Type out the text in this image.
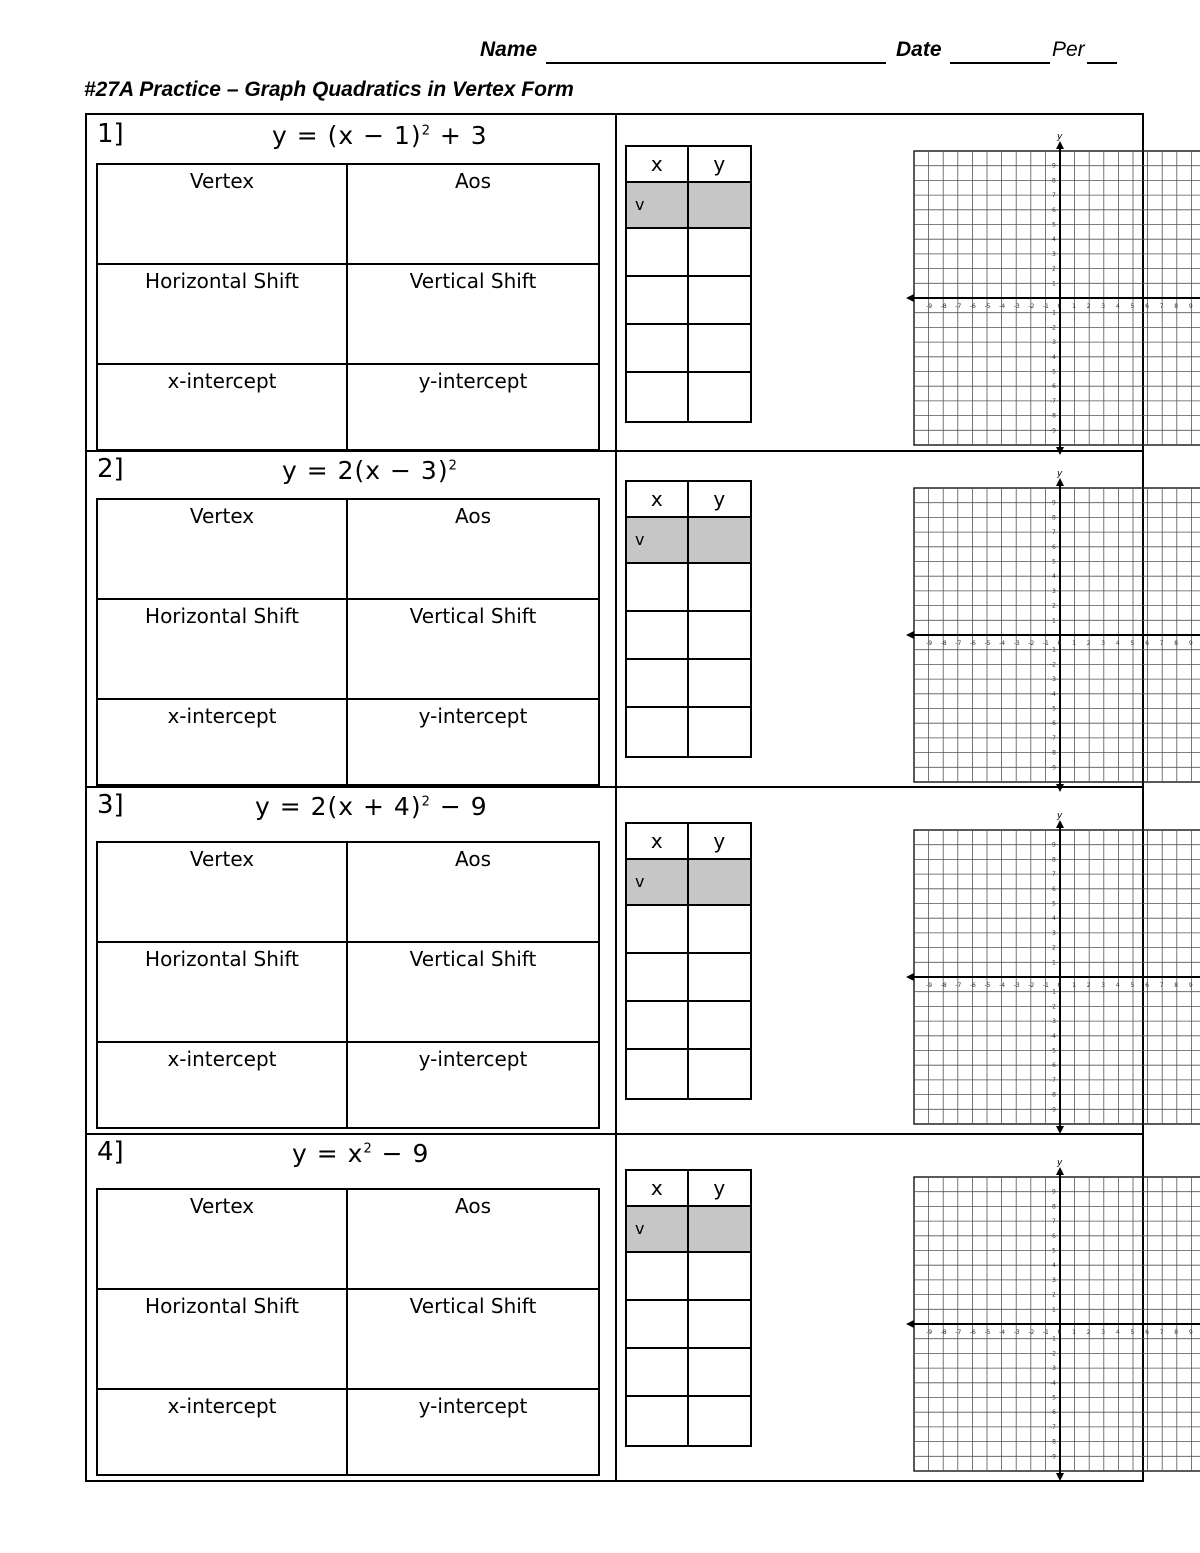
Name	Date	Per
#27A Practice – Graph Quadratics in Vertex Form
1]	$y = (x - 1)^2 + 3$
Vertex	Aos
Horizontal Shift	Vertical Shift
x-intercept	y-intercept
x	y
v
y
-9 -8 -7 -6 -5 -4 -3 -2 -1 0 1 2 3 4 5 6 7 8 9
9
8
7
6
5
4
3
2
1
-1
-2
-3
-4
-5
-6
-7
-8
-9
2]	$y = 2(x - 3)^2$
Vertex	Aos
Horizontal Shift	Vertical Shift
x-intercept	y-intercept
x	y
v
y
-9 -8 -7 -6 -5 -4 -3 -2 -1 0 1 2 3 4 5 6 7 8 9
9
8
7
6
5
4
3
2
1
-1
-2
-3
-4
-5
-6
-7
-8
-9
3]	$y = 2(x + 4)^2 - 9$
Vertex	Aos
Horizontal Shift	Vertical Shift
x-intercept	y-intercept
x	y
v
y
-9 -8 -7 -6 -5 -4 -3 -2 -1 0 1 2 3 4 5 6 7 8 9
9
8
7
6
5
4
3
2
1
-1
-2
-3
-4
-5
-6
-7
-8
-9
4]	$y = x^2 - 9$
Vertex	Aos
Horizontal Shift	Vertical Shift
x-intercept	y-intercept
x	y
v
y
-9 -8 -7 -6 -5 -4 -3 -2 -1 0 1 2 3 4 5 6 7 8 9
9
8
7
6
5
4
3
2
1
-1
-2
-3
-4
-5
-6
-7
-8
-9
